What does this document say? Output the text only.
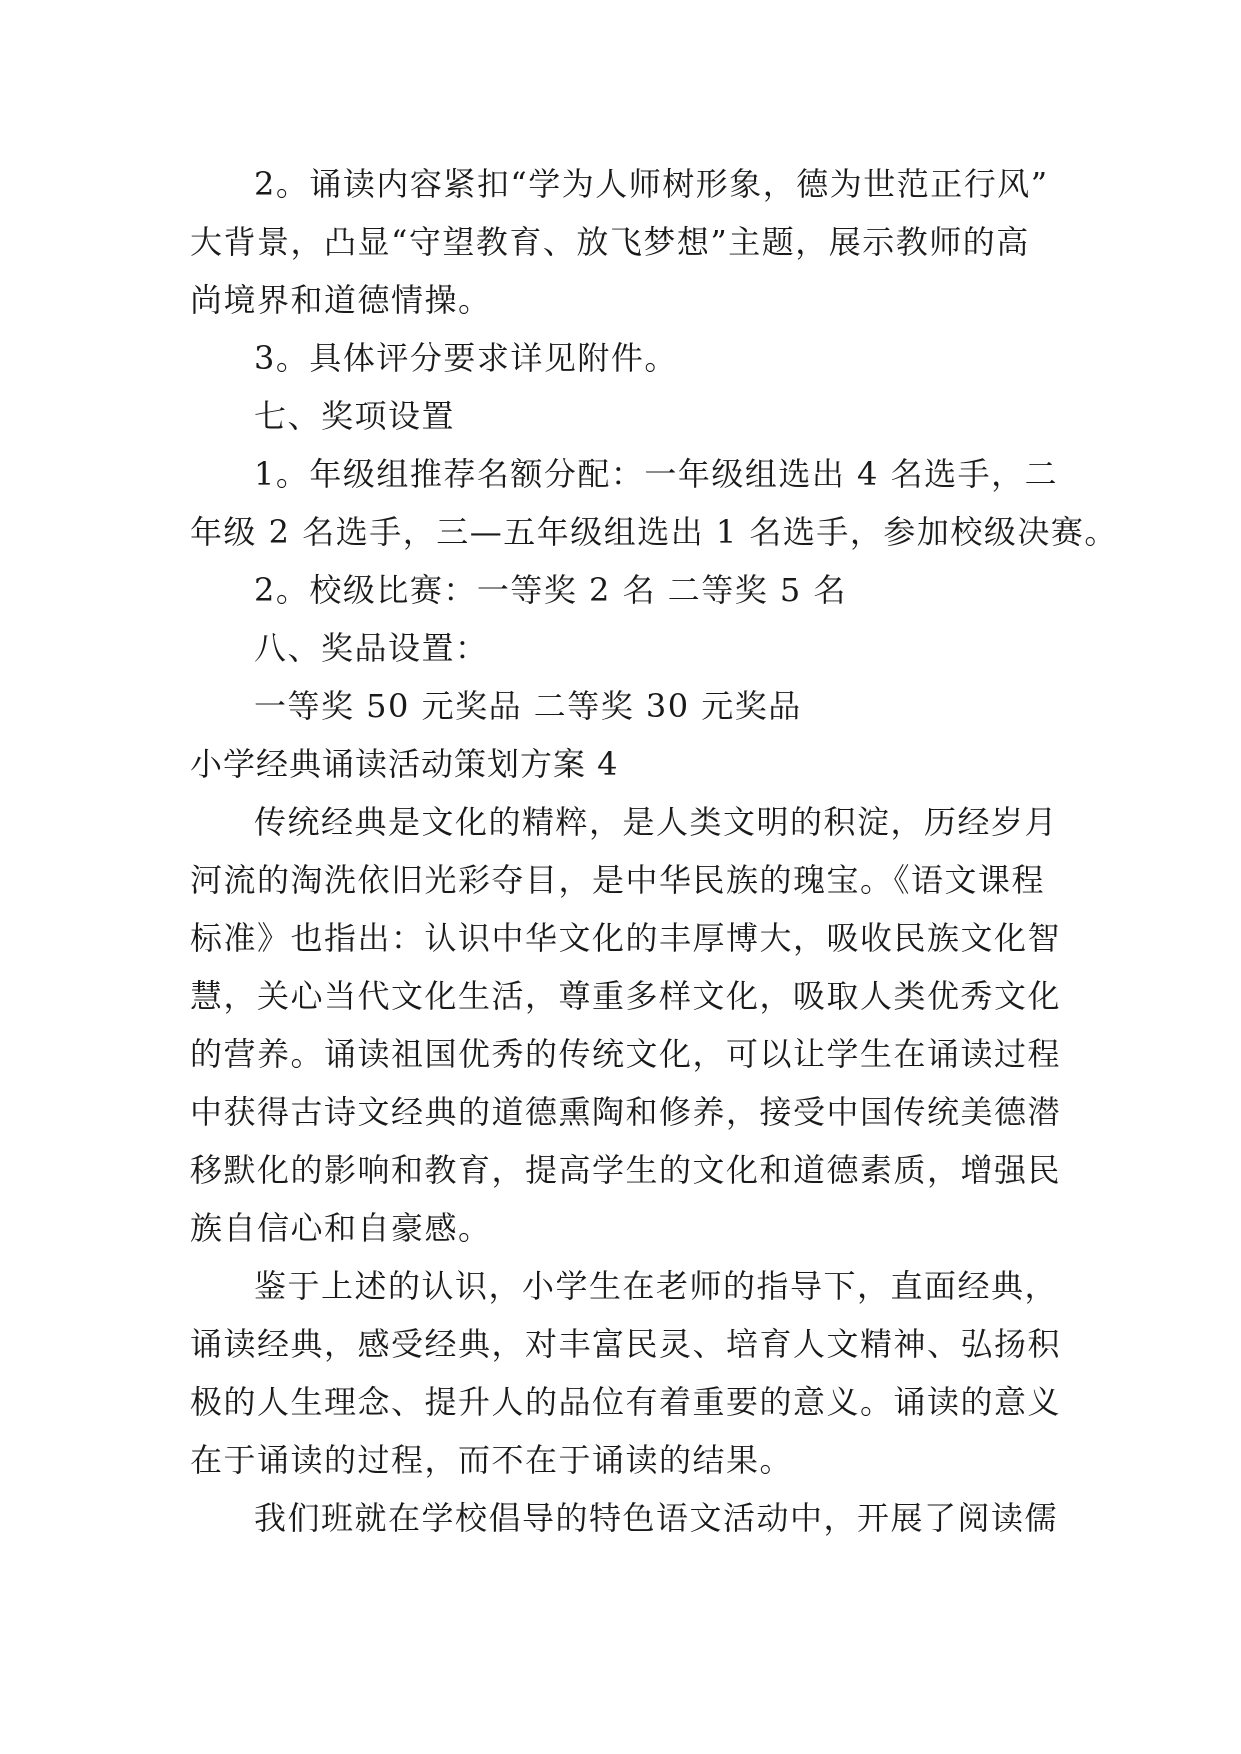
2。诵读内容紧扣“学为人师树形象，德为世范正行风”
大背景，凸显“守望教育、放飞梦想”主题，展示教师的高
尚境界和道德情操。
3。具体评分要求详见附件。
七、奖项设置
1。年级组推荐名额分配：一年级组选出 4 名选手，二
年级 2 名选手，三—五年级组选出 1 名选手，参加校级决赛。
2。校级比赛：一等奖 2 名 二等奖 5 名
八、奖品设置：
一等奖 50 元奖品 二等奖 30 元奖品
小学经典诵读活动策划方案 4
传统经典是文化的精粹，是人类文明的积淀，历经岁月
河流的淘洗依旧光彩夺目，是中华民族的瑰宝。《语文课程
标准》也指出：认识中华文化的丰厚博大，吸收民族文化智
慧，关心当代文化生活，尊重多样文化，吸取人类优秀文化
的营养。诵读祖国优秀的传统文化，可以让学生在诵读过程
中获得古诗文经典的道德熏陶和修养，接受中国传统美德潜
移默化的影响和教育，提高学生的文化和道德素质，增强民
族自信心和自豪感。
鉴于上述的认识，小学生在老师的指导下，直面经典，
诵读经典，感受经典，对丰富民灵、培育人文精神、弘扬积
极的人生理念、提升人的品位有着重要的意义。诵读的意义
在于诵读的过程，而不在于诵读的结果。
我们班就在学校倡导的特色语文活动中，开展了阅读儒
